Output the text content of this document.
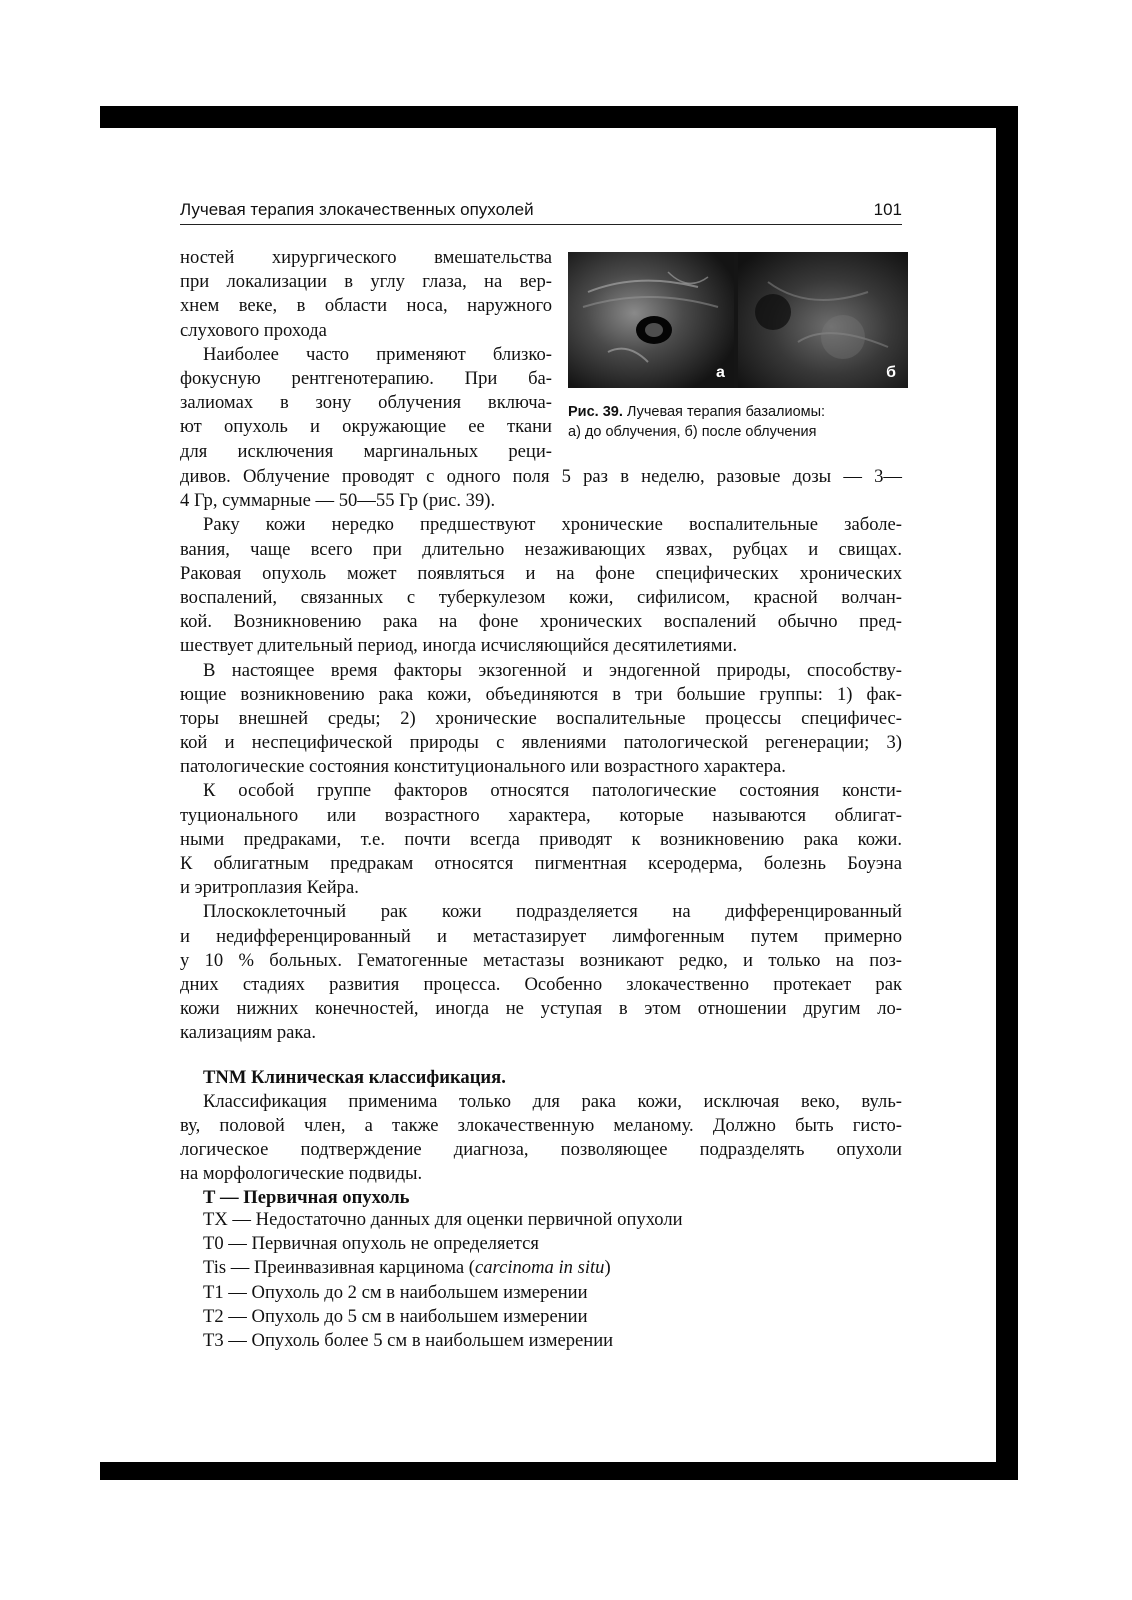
Лучевая терапия злокачественных опухолей	101
а	б
Рис. 39. Лучевая терапия базалиомы:
а) до облучения, б) после облучения
ностей хирургического вмешательства
при локализации в углу глаза, на вер-
хнем веке, в области носа, наружного
слухового прохода
Наиболее часто применяют близко-
фокусную рентгенотерапию. При ба-
залиомах в зону облучения включа-
ют опухоль и окружающие ее ткани
для исключения маргинальных реци-
дивов. Облучение проводят с одного поля 5 раз в неделю, разовые дозы — 3—
4 Гр, суммарные — 50—55 Гр (рис. 39).
Раку кожи нередко предшествуют хронические воспалительные заболе-
вания, чаще всего при длительно незаживающих язвах, рубцах и свищах.
Раковая опухоль может появляться и на фоне специфических хронических
воспалений, связанных с туберкулезом кожи, сифилисом, красной волчан-
кой. Возникновению рака на фоне хронических воспалений обычно пред-
шествует длительный период, иногда исчисляющийся десятилетиями.
В настоящее время факторы экзогенной и эндогенной природы, способству-
ющие возникновению рака кожи, объединяются в три большие группы: 1) фак-
торы внешней среды; 2) хронические воспалительные процессы специфичес-
кой и неспецифической природы с явлениями патологической регенерации; 3)
патологические состояния конституционального или возрастного характера.
К особой группе факторов относятся патологические состояния консти-
туционального или возрастного характера, которые называются облигат-
ными предраками, т.е. почти всегда приводят к возникновению рака кожи.
К облигатным предракам относятся пигментная ксеродерма, болезнь Боуэна
и эритроплазия Кейра.
Плоскоклеточный рак кожи подразделяется на дифференцированный
и недифференцированный и метастазирует лимфогенным путем примерно
у 10 % больных. Гематогенные метастазы возникают редко, и только на поз-
дних стадиях развития процесса. Особенно злокачественно протекает рак
кожи нижних конечностей, иногда не уступая в этом отношении другим ло-
кализациям рака.
TNM Клиническая классификация.
Классификация применима только для рака кожи, исключая веко, вуль-
ву, половой член, а также злокачественную меланому. Должно быть гисто-
логическое подтверждение диагноза, позволяющее подразделять опухоли
на морфологические подвиды.
Т — Первичная опухоль
ТХ — Недостаточно данных для оценки первичной опухоли
Т0 — Первичная опухоль не определяется
Tis — Преинвазивная карцинома (carcinoma in situ)
Т1 — Опухоль до 2 см в наибольшем измерении
Т2 — Опухоль до 5 см в наибольшем измерении
Т3 — Опухоль более 5 см в наибольшем измерении
